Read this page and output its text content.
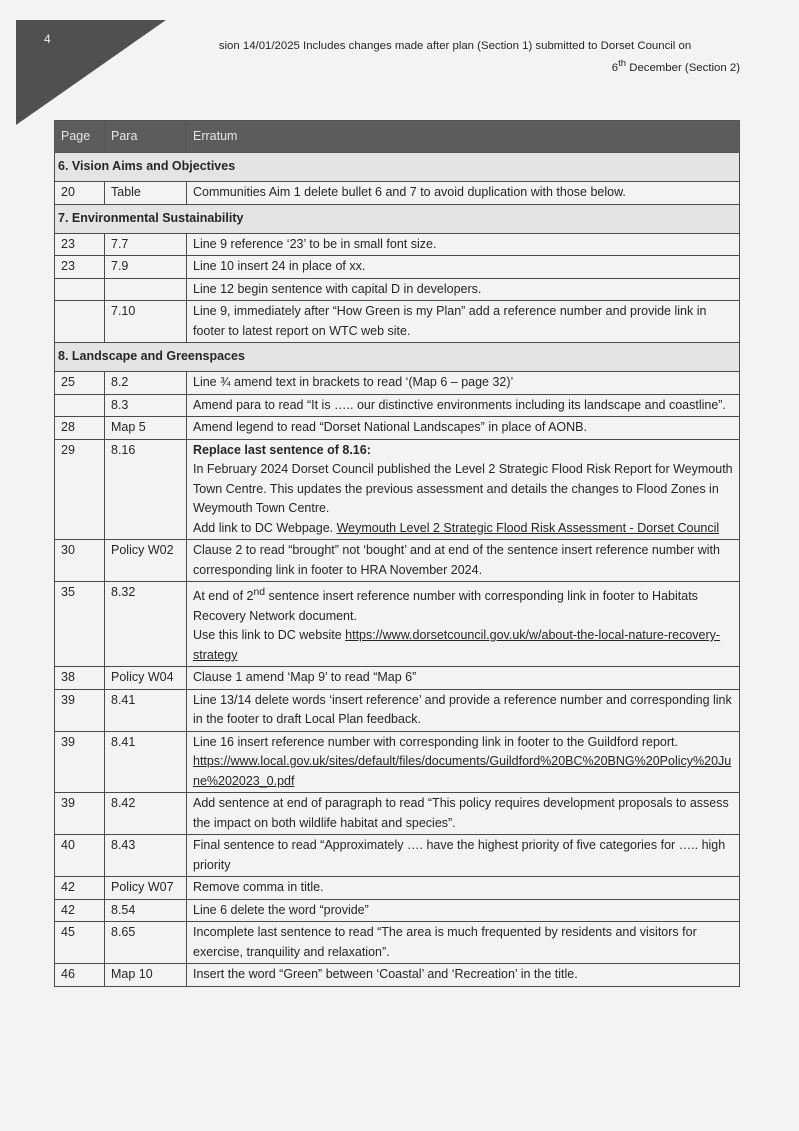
4	sion 14/01/2025 Includes changes made after plan (Section 1) submitted to Dorset Council on
6th December (Section 2)
Page	Para	Erratum
6. Vision Aims and Objectives		
20	Table	Communities Aim 1 delete bullet 6 and 7 to avoid duplication with those below.
7. Environmental Sustainability		
23	7.7	Line 9 reference ‘23’ to be in small font size.
23	7.9	Line 10 insert 24 in place of xx.
		Line 12 begin sentence with capital D in developers.
	7.10	Line 9, immediately after “How Green is my Plan” add a reference number and provide link in footer to latest report on WTC web site.
8. Landscape and Greenspaces		
25	8.2	Line ¾ amend text in brackets to read ‘(Map 6 – page 32)’
	8.3	Amend para to read “It is ….. our distinctive environments including its landscape and coastline”.
28	Map 5	Amend legend to read “Dorset National Landscapes” in place of AONB.
29	8.16	Replace last sentence of 8.16:
In February 2024 Dorset Council published the Level 2 Strategic Flood Risk Report for Weymouth Town Centre. This updates the previous assessment and details the changes to Flood Zones in Weymouth Town Centre.
Add link to DC Webpage. Weymouth Level 2 Strategic Flood Risk Assessment - Dorset Council

30	Policy W02	Clause 2 to read “brought” not ‘bought’ and at end of the sentence insert reference number with corresponding link in footer to HRA November 2024.
35	8.32	At end of 2nd sentence insert reference number with corresponding link in footer to Habitats Recovery Network document.
Use this link to DC website https://www.dorsetcouncil.gov.uk/w/about-the-local-nature-recovery-strategy

38	Policy W04	Clause 1 amend ‘Map 9’ to read “Map 6”
39	8.41	Line 13/14 delete words ‘insert reference’ and provide a reference number and corresponding link in the footer to draft Local Plan feedback.
39	8.41	Line 16 insert reference number with corresponding link in footer to the Guildford report.
https://www.local.gov.uk/sites/default/files/documents/Guildford%20BC%20BNG%20Policy%20June%202023_0.pdf

39	8.42	Add sentence at end of paragraph to read “This policy requires development proposals to assess the impact on both wildlife habitat and species”.
40	8.43	Final sentence to read “Approximately …. have the highest priority of five categories for ….. high priority
42	Policy W07	Remove comma in title.
42	8.54	Line 6 delete the word “provide”
45	8.65	Incomplete last sentence to read “The area is much frequented by residents and visitors for exercise, tranquility and relaxation”.
46	Map 10	Insert the word “Green” between ‘Coastal’ and ‘Recreation’ in the title.
